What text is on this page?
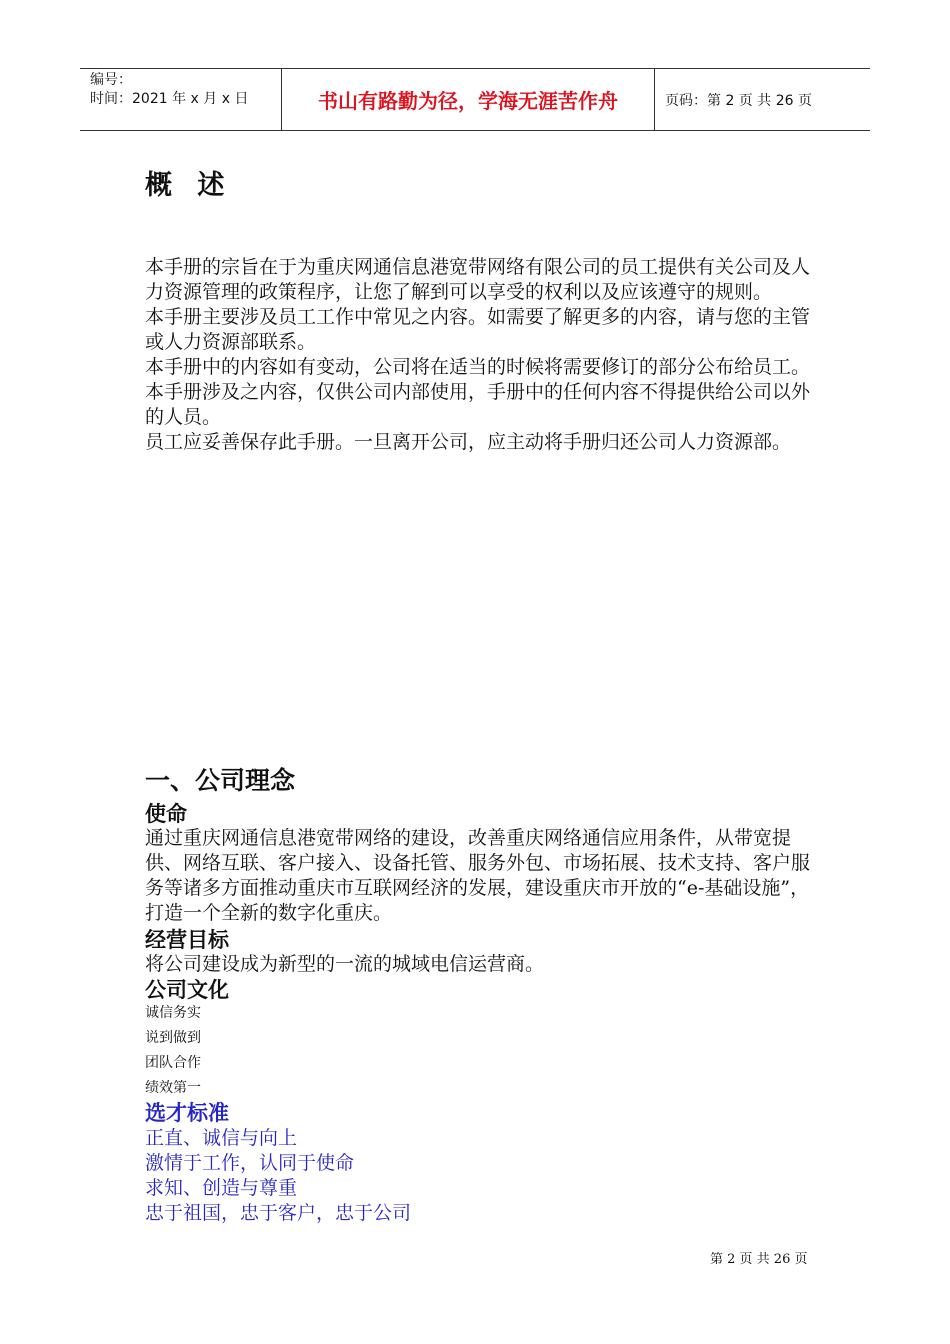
编号：
时间：2021 年 x 月 x 日	书山有路勤为径，学海无涯苦作舟	页码：第 2 页 共 26 页
概 述

本手册的宗旨在于为重庆网通信息港宽带网络有限公司的员工提供有关公司及人力资源管理的政策程序，让您了解到可以享受的权利以及应该遵守的规则。

本手册主要涉及员工工作中常见之内容。如需要了解更多的内容，请与您的主管或人力资源部联系。

本手册中的内容如有变动，公司将在适当的时候将需要修订的部分公布给员工。

本手册涉及之内容，仅供公司内部使用，手册中的任何内容不得提供给公司以外的人员。

员工应妥善保存此手册。一旦离开公司，应主动将手册归还公司人力资源部。

一、公司理念
使命
通过重庆网通信息港宽带网络的建设，改善重庆网络通信应用条件，从带宽提供、网络互联、客户接入、设备托管、服务外包、市场拓展、技术支持、客户服务等诸多方面推动重庆市互联网经济的发展，建设重庆市开放的“e-基础设施”，打造一个全新的数字化重庆。
经营目标
将公司建设成为新型的一流的城域电信运营商。
公司文化
诚信务实
说到做到
团队合作
绩效第一
选才标准

正直、诚信与向上

激情于工作，认同于使命

求知、创造与尊重

忠于祖国，忠于客户，忠于公司

第 2 页 共 26 页
